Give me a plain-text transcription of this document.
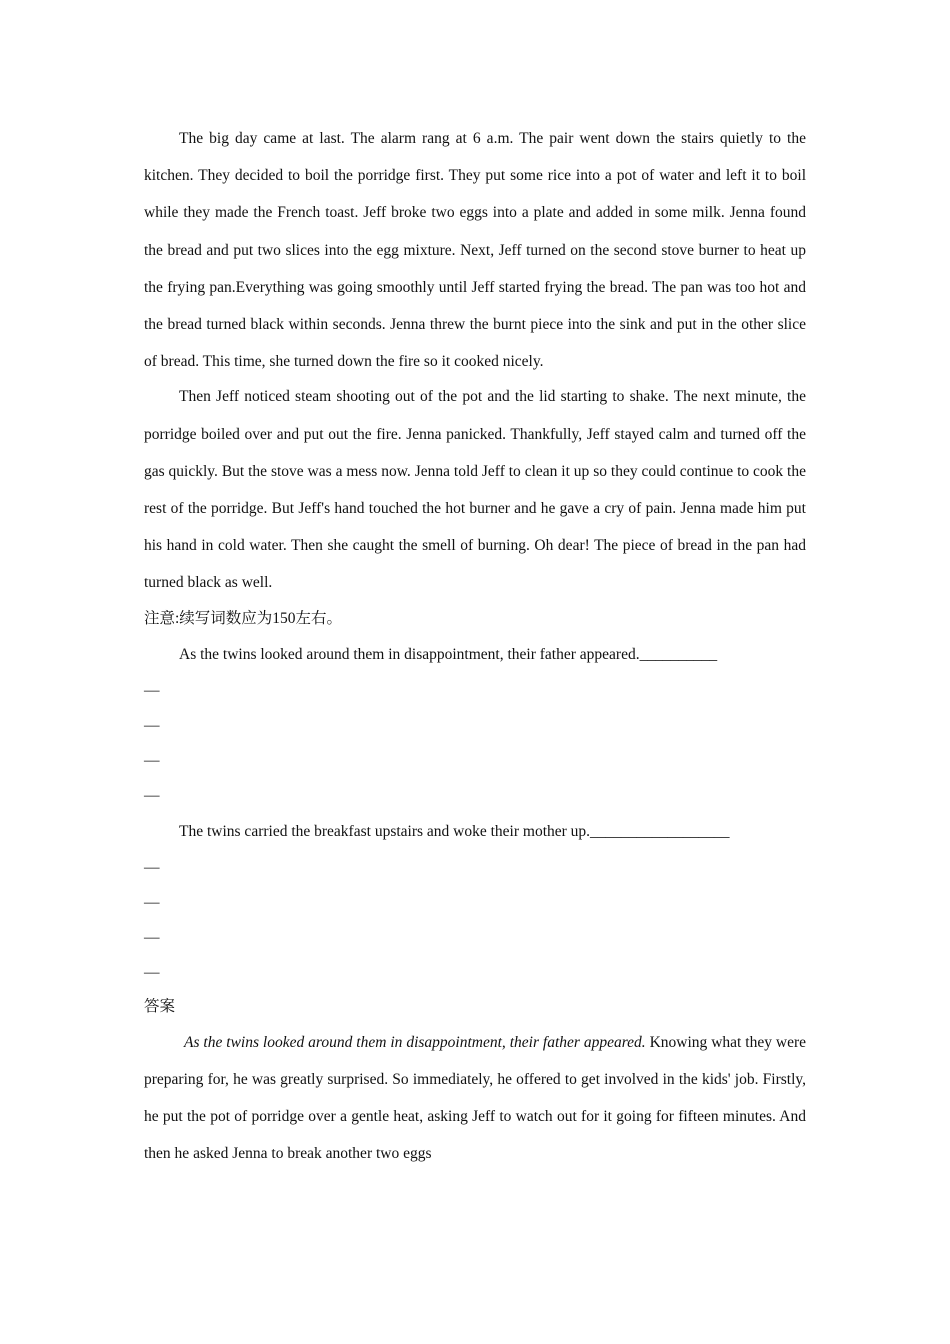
The big day came at last. The alarm rang at 6 a.m. The pair went down the stairs quietly to the kitchen. They decided to boil the porridge first. They put some rice into a pot of water and left it to boil while they made the French toast. Jeff broke two eggs into a plate and added in some milk. Jenna found the bread and put two slices into the egg mixture. Next, Jeff turned on the second stove burner to heat up the frying pan.Everything was going smoothly until Jeff started frying the bread. The pan was too hot and the bread turned black within seconds. Jenna threw the burnt piece into the sink and put in the other slice of bread. This time, she turned down the fire so it cooked nicely.

Then Jeff noticed steam shooting out of the pot and the lid starting to shake. The next minute, the porridge boiled over and put out the fire. Jenna panicked. Thankfully, Jeff stayed calm and turned off the gas quickly. But the stove was a mess now. Jenna told Jeff to clean it up so they could continue to cook the rest of the porridge. But Jeff's hand touched the hot burner and he gave a cry of pain. Jenna made him put his hand in cold water. Then she caught the smell of burning. Oh dear! The piece of bread in the pan had turned black as well.

注意:续写词数应为150左右。

As the twins looked around them in disappointment, their father appeared.__________

—

—

—

—

The twins carried the breakfast upstairs and woke their mother up.__________________

—

—

—

—

答案

As the twins looked around them in disappointment, their father appeared. Knowing what they were preparing for, he was greatly surprised. So immediately, he offered to get involved in the kids' job. Firstly, he put the pot of porridge over a gentle heat, asking Jeff to watch out for it going for fifteen minutes. And then he asked Jenna to break another two eggs
